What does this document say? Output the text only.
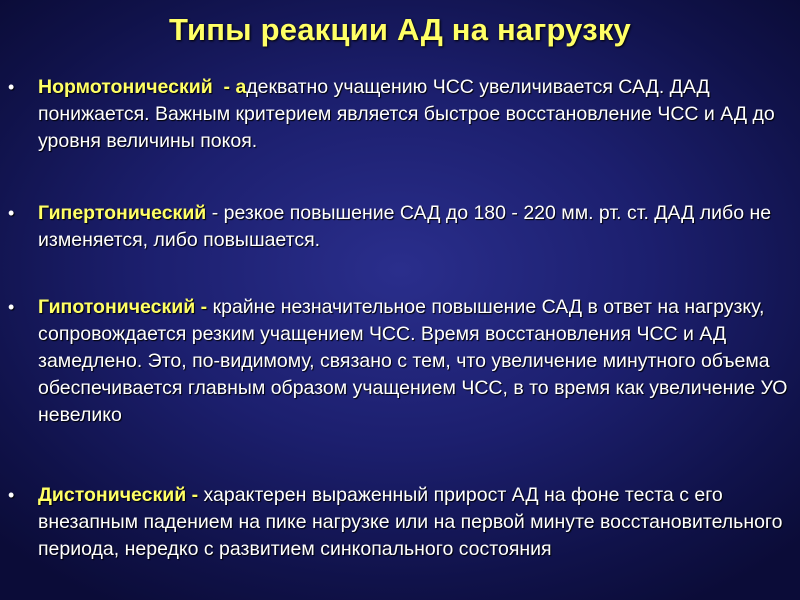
Типы реакции АД на нагрузку
• Нормотонический  - адекватно учащению ЧСС увеличивается САД. ДАД понижается. Важным критерием является быстрое восстановление ЧСС и АД до уровня величины покоя.
• Гипертонический - резкое повышение САД до 180 - 220 мм. рт. ст. ДАД либо не изменяется, либо повышается.
• Гипотонический - крайне незначительное повышение САД в ответ на нагрузку, сопровождается резким учащением ЧСС. Время восстановления ЧСС и АД замедлено. Это, по-видимому, связано с тем, что увеличение минутного объема обеспечивается главным образом учащением ЧСС, в то время как увеличение УО невелико
• Дистонический - характерен выраженный прирост АД на фоне теста с его внезапным падением на пике нагрузке или на первой минуте восстановительного периода, нередко с развитием синкопального состояния
